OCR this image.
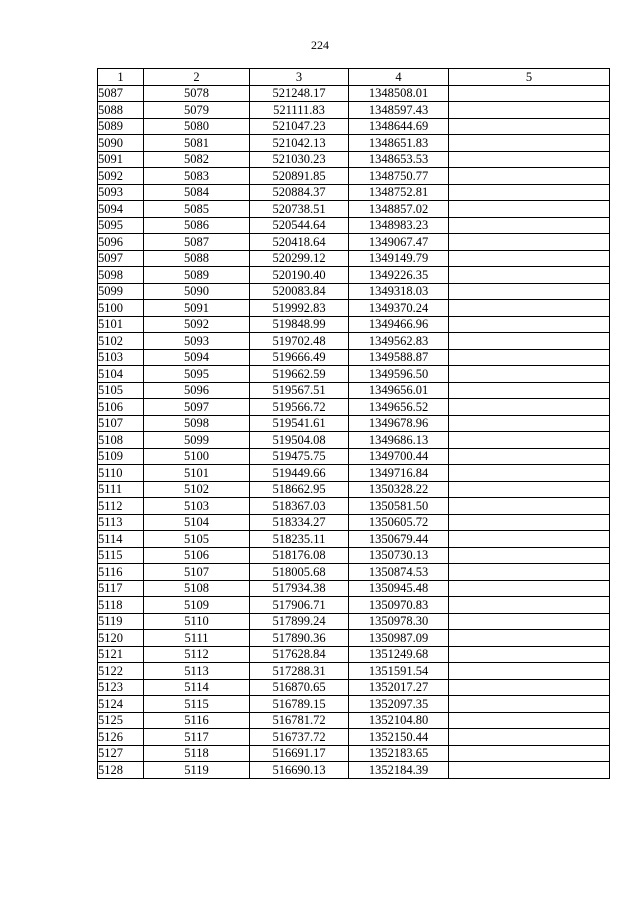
224
1	2	3	4	5
5087	5078	521248.17	1348508.01	
5088	5079	521111.83	1348597.43	
5089	5080	521047.23	1348644.69	
5090	5081	521042.13	1348651.83	
5091	5082	521030.23	1348653.53	
5092	5083	520891.85	1348750.77	
5093	5084	520884.37	1348752.81	
5094	5085	520738.51	1348857.02	
5095	5086	520544.64	1348983.23	
5096	5087	520418.64	1349067.47	
5097	5088	520299.12	1349149.79	
5098	5089	520190.40	1349226.35	
5099	5090	520083.84	1349318.03	
5100	5091	519992.83	1349370.24	
5101	5092	519848.99	1349466.96	
5102	5093	519702.48	1349562.83	
5103	5094	519666.49	1349588.87	
5104	5095	519662.59	1349596.50	
5105	5096	519567.51	1349656.01	
5106	5097	519566.72	1349656.52	
5107	5098	519541.61	1349678.96	
5108	5099	519504.08	1349686.13	
5109	5100	519475.75	1349700.44	
5110	5101	519449.66	1349716.84	
5111	5102	518662.95	1350328.22	
5112	5103	518367.03	1350581.50	
5113	5104	518334.27	1350605.72	
5114	5105	518235.11	1350679.44	
5115	5106	518176.08	1350730.13	
5116	5107	518005.68	1350874.53	
5117	5108	517934.38	1350945.48	
5118	5109	517906.71	1350970.83	
5119	5110	517899.24	1350978.30	
5120	5111	517890.36	1350987.09	
5121	5112	517628.84	1351249.68	
5122	5113	517288.31	1351591.54	
5123	5114	516870.65	1352017.27	
5124	5115	516789.15	1352097.35	
5125	5116	516781.72	1352104.80	
5126	5117	516737.72	1352150.44	
5127	5118	516691.17	1352183.65	
5128	5119	516690.13	1352184.39	
